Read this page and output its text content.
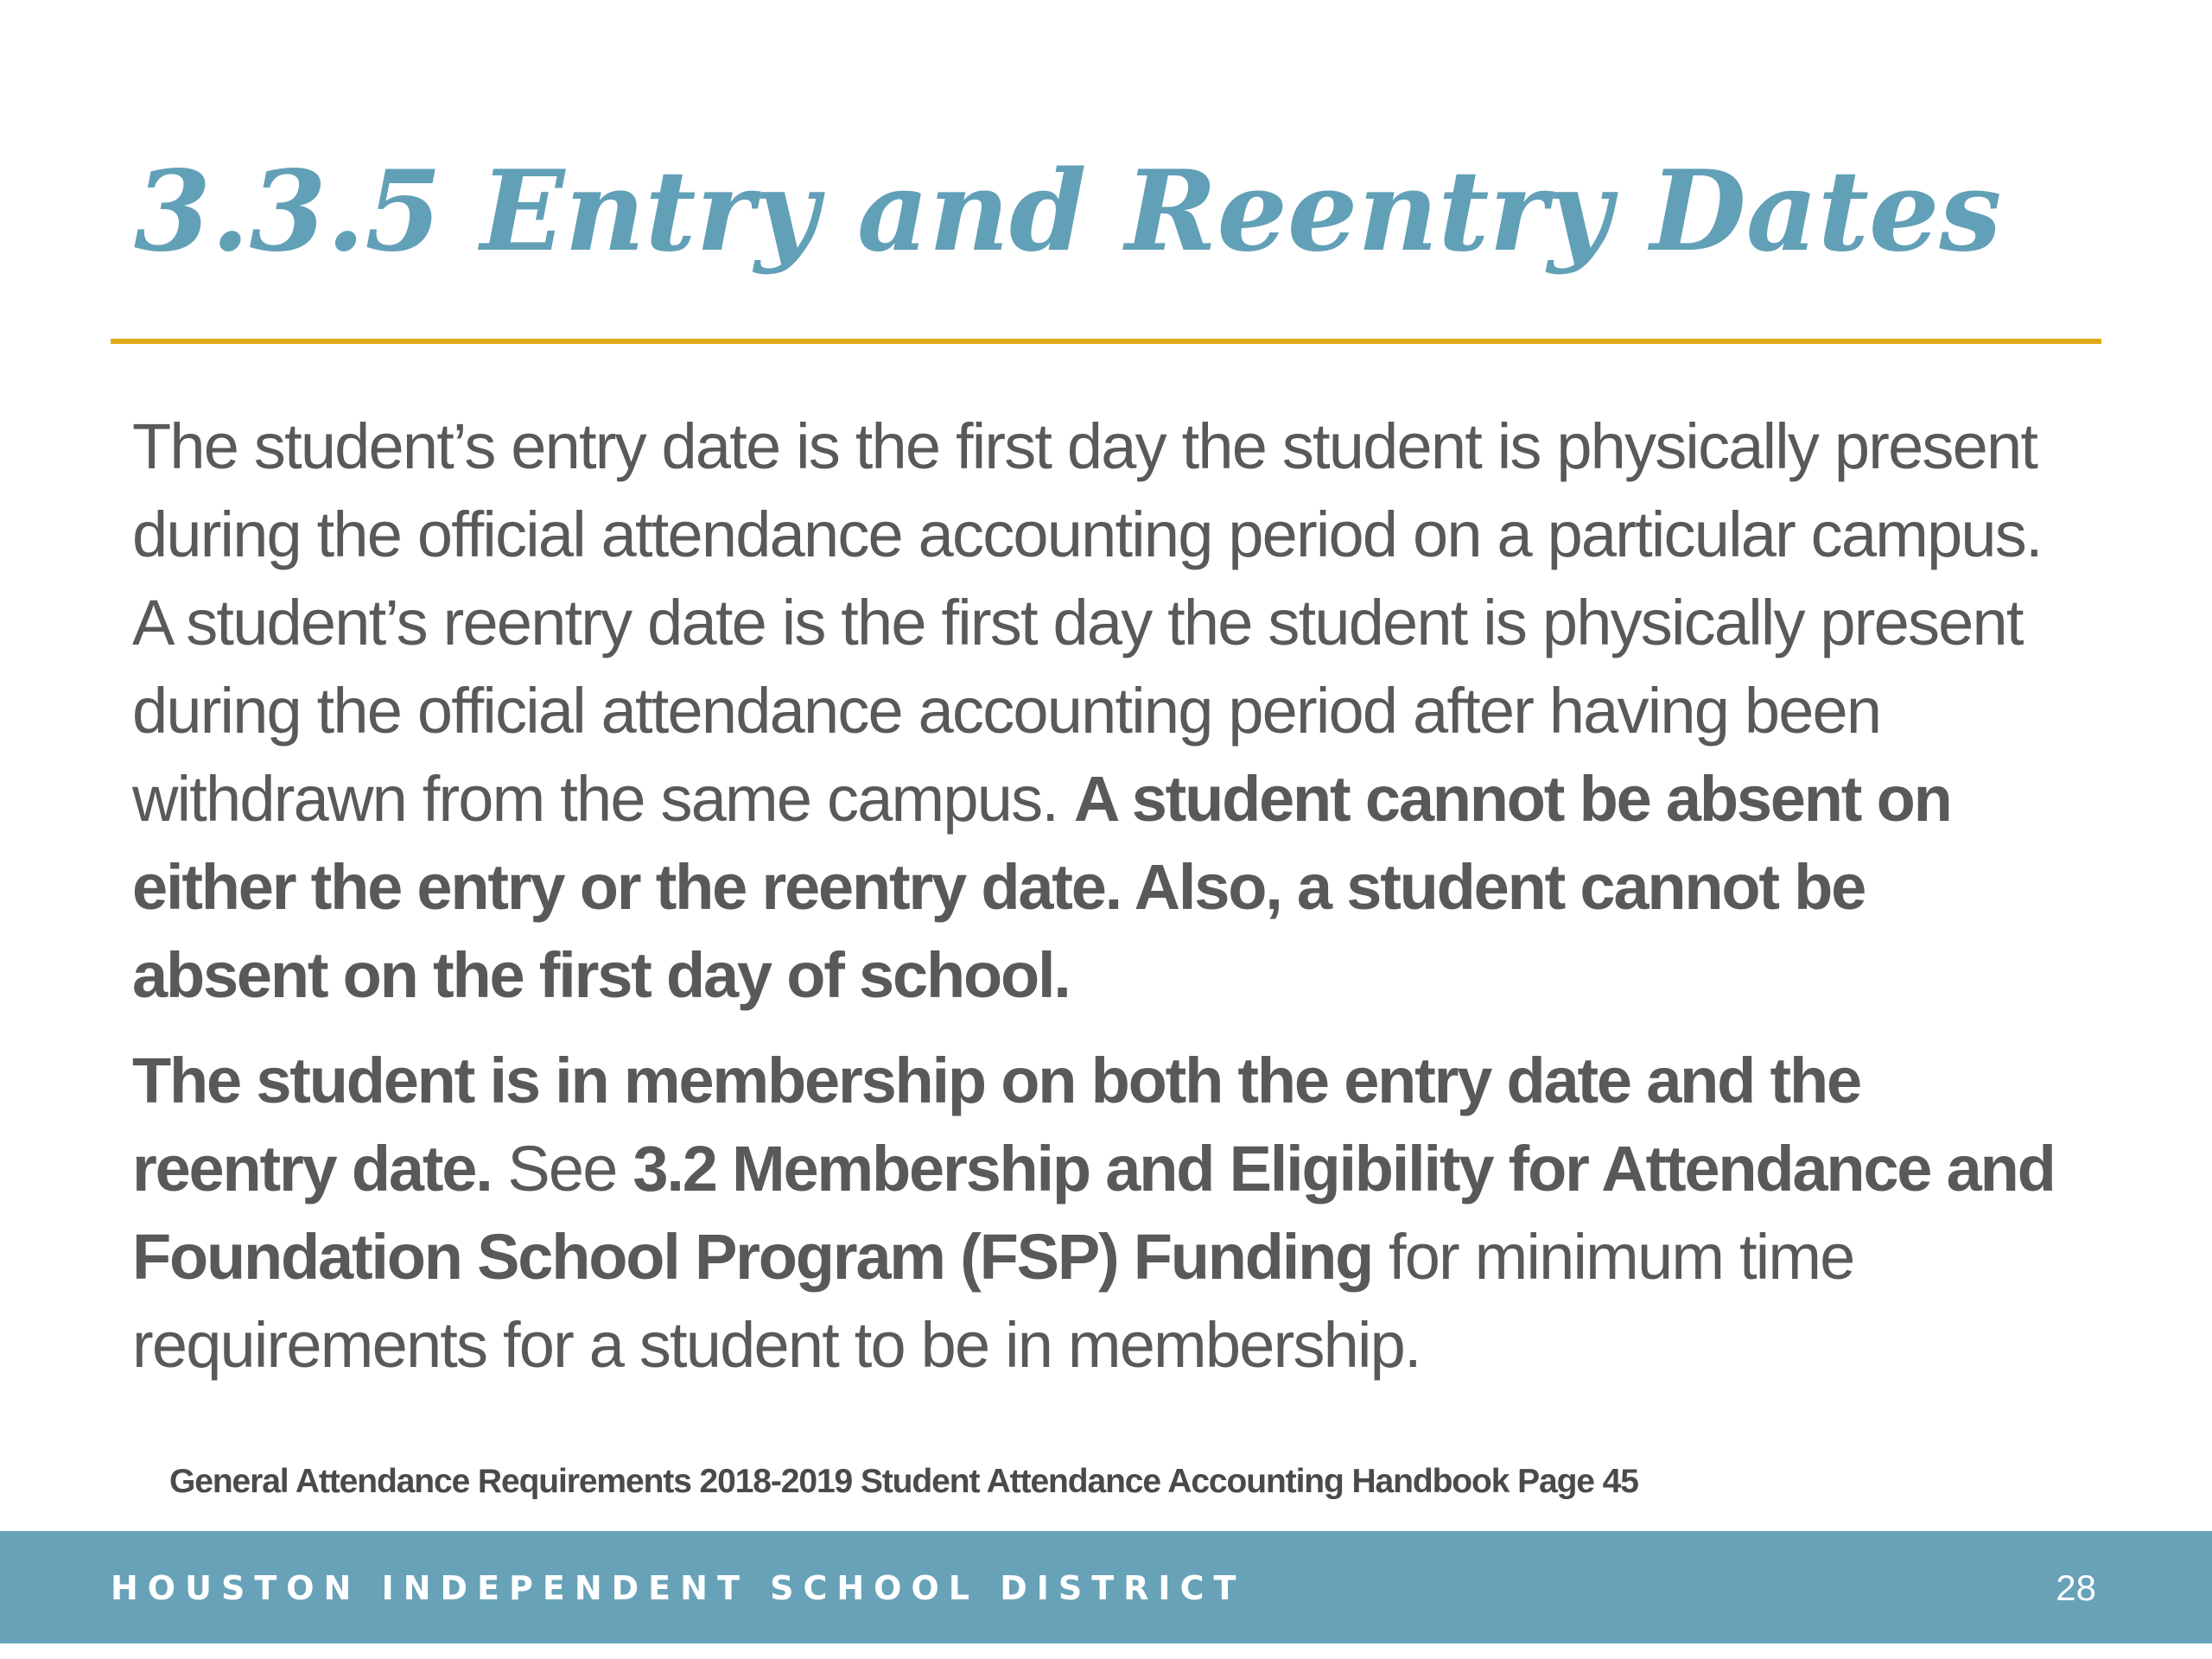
3.3.5 Entry and Reentry Dates

The student’s entry date is the first day the student is physically present
during the official attendance accounting period on a particular campus.
A student’s reentry date is the first day the student is physically present
during the official attendance accounting period after having been
withdrawn from the same campus. A student cannot be absent on
either the entry or the reentry date. Also, a student cannot be
absent on the first day of school.

The student is in membership on both the entry date and the
reentry date. See 3.2 Membership and Eligibility for Attendance and
Foundation School Program (FSP) Funding for minimum time
requirements for a student to be in membership.

General Attendance Requirements 2018-2019 Student Attendance Accounting Handbook Page 45

HOUSTON INDEPENDENT SCHOOL DISTRICT	28
